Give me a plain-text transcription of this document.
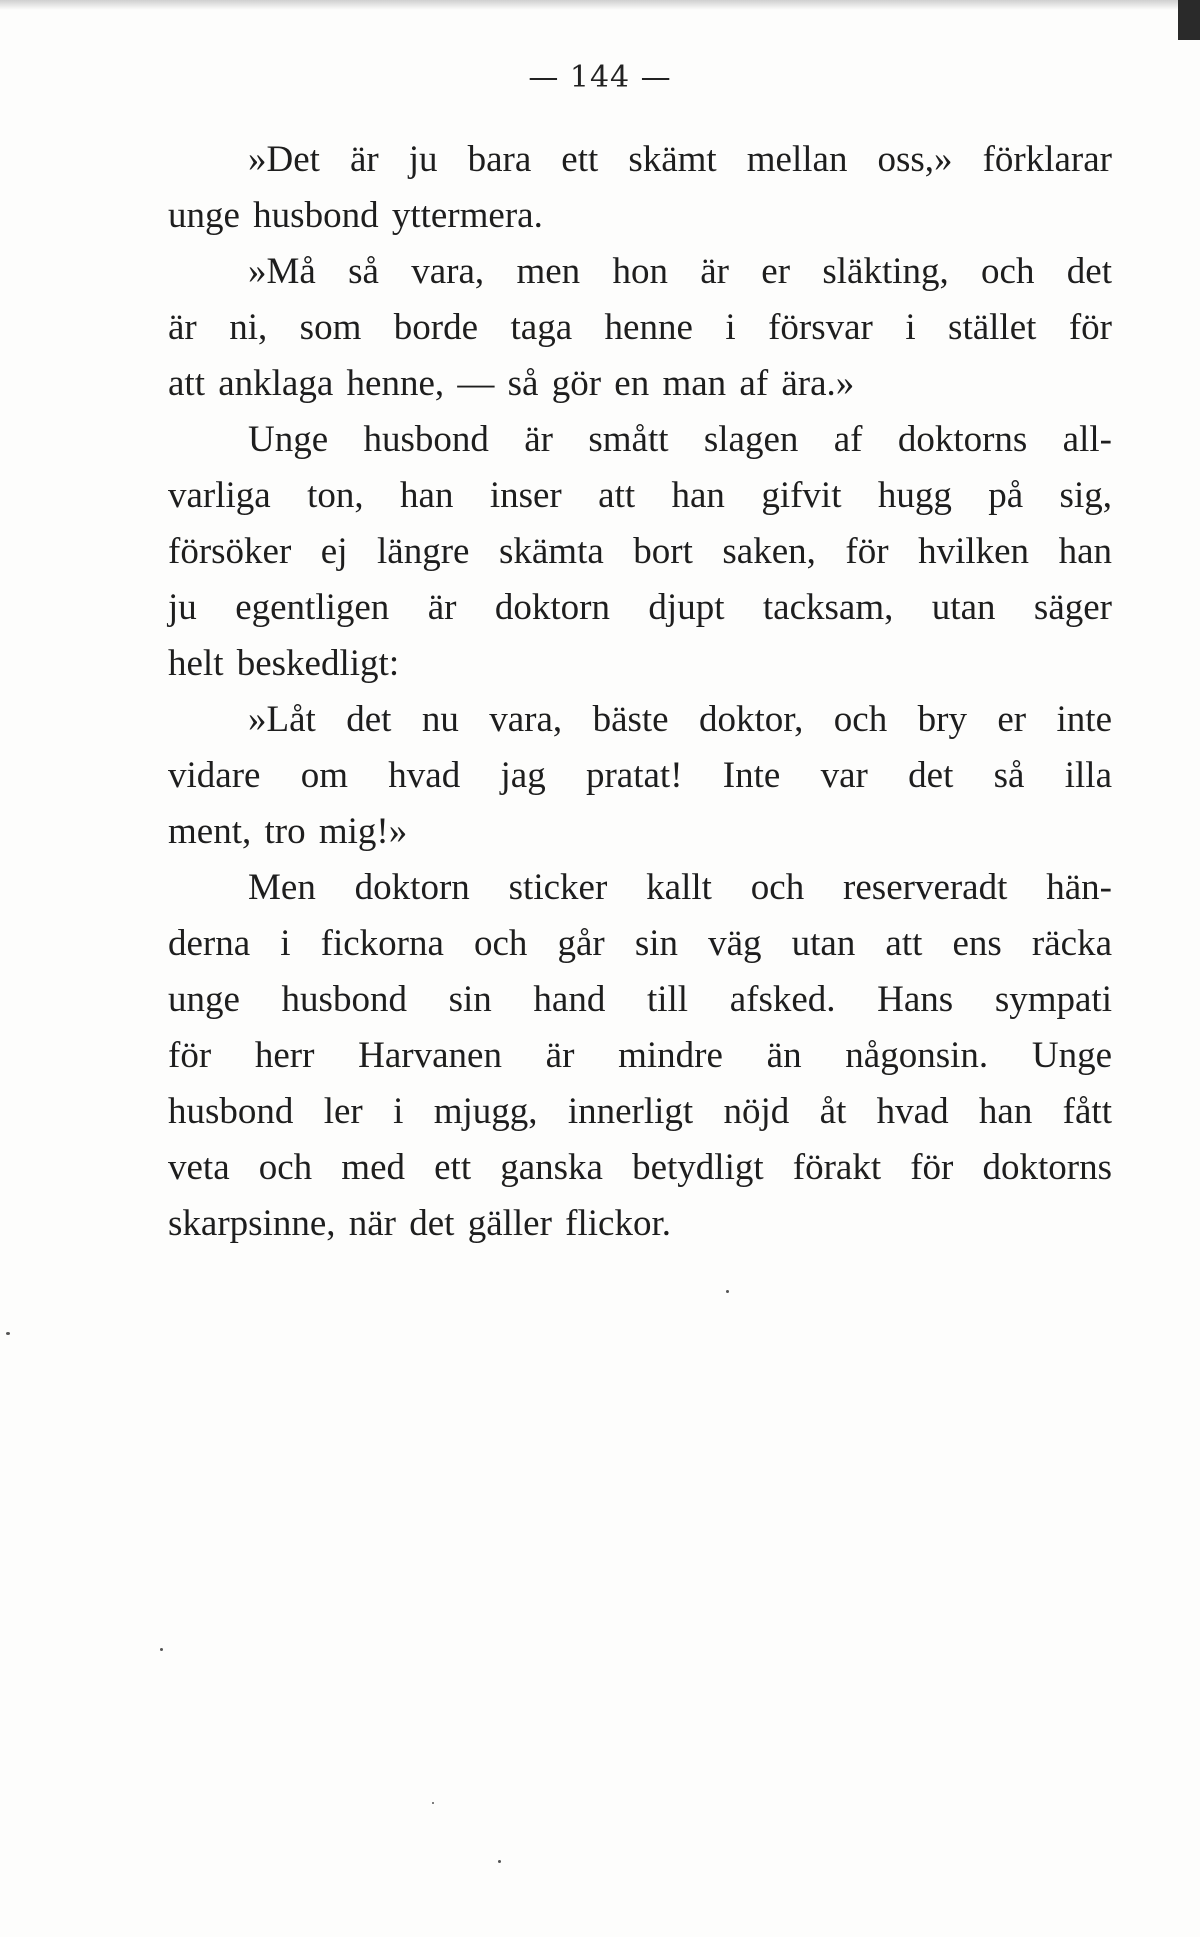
— 144 —
»Det är ju bara ett skämt mellan oss,» förklarar
unge husbond yttermera.
»Må så vara, men hon är er släkting, och det
är ni, som borde taga henne i försvar i stället för
att anklaga henne, — så gör en man af ära.»
Unge husbond är smått slagen af doktorns all-
varliga ton, han inser att han gifvit hugg på sig,
försöker ej längre skämta bort saken, för hvilken han
ju egentligen är doktorn djupt tacksam, utan säger
helt beskedligt:
»Låt det nu vara, bäste doktor, och bry er inte
vidare om hvad jag pratat! Inte var det så illa
ment, tro mig!»
Men doktorn sticker kallt och reserveradt hän-
derna i fickorna och går sin väg utan att ens räcka
unge husbond sin hand till afsked. Hans sympati
för herr Harvanen är mindre än någonsin. Unge
husbond ler i mjugg, innerligt nöjd åt hvad han fått
veta och med ett ganska betydligt förakt för doktorns
skarpsinne, när det gäller flickor.
